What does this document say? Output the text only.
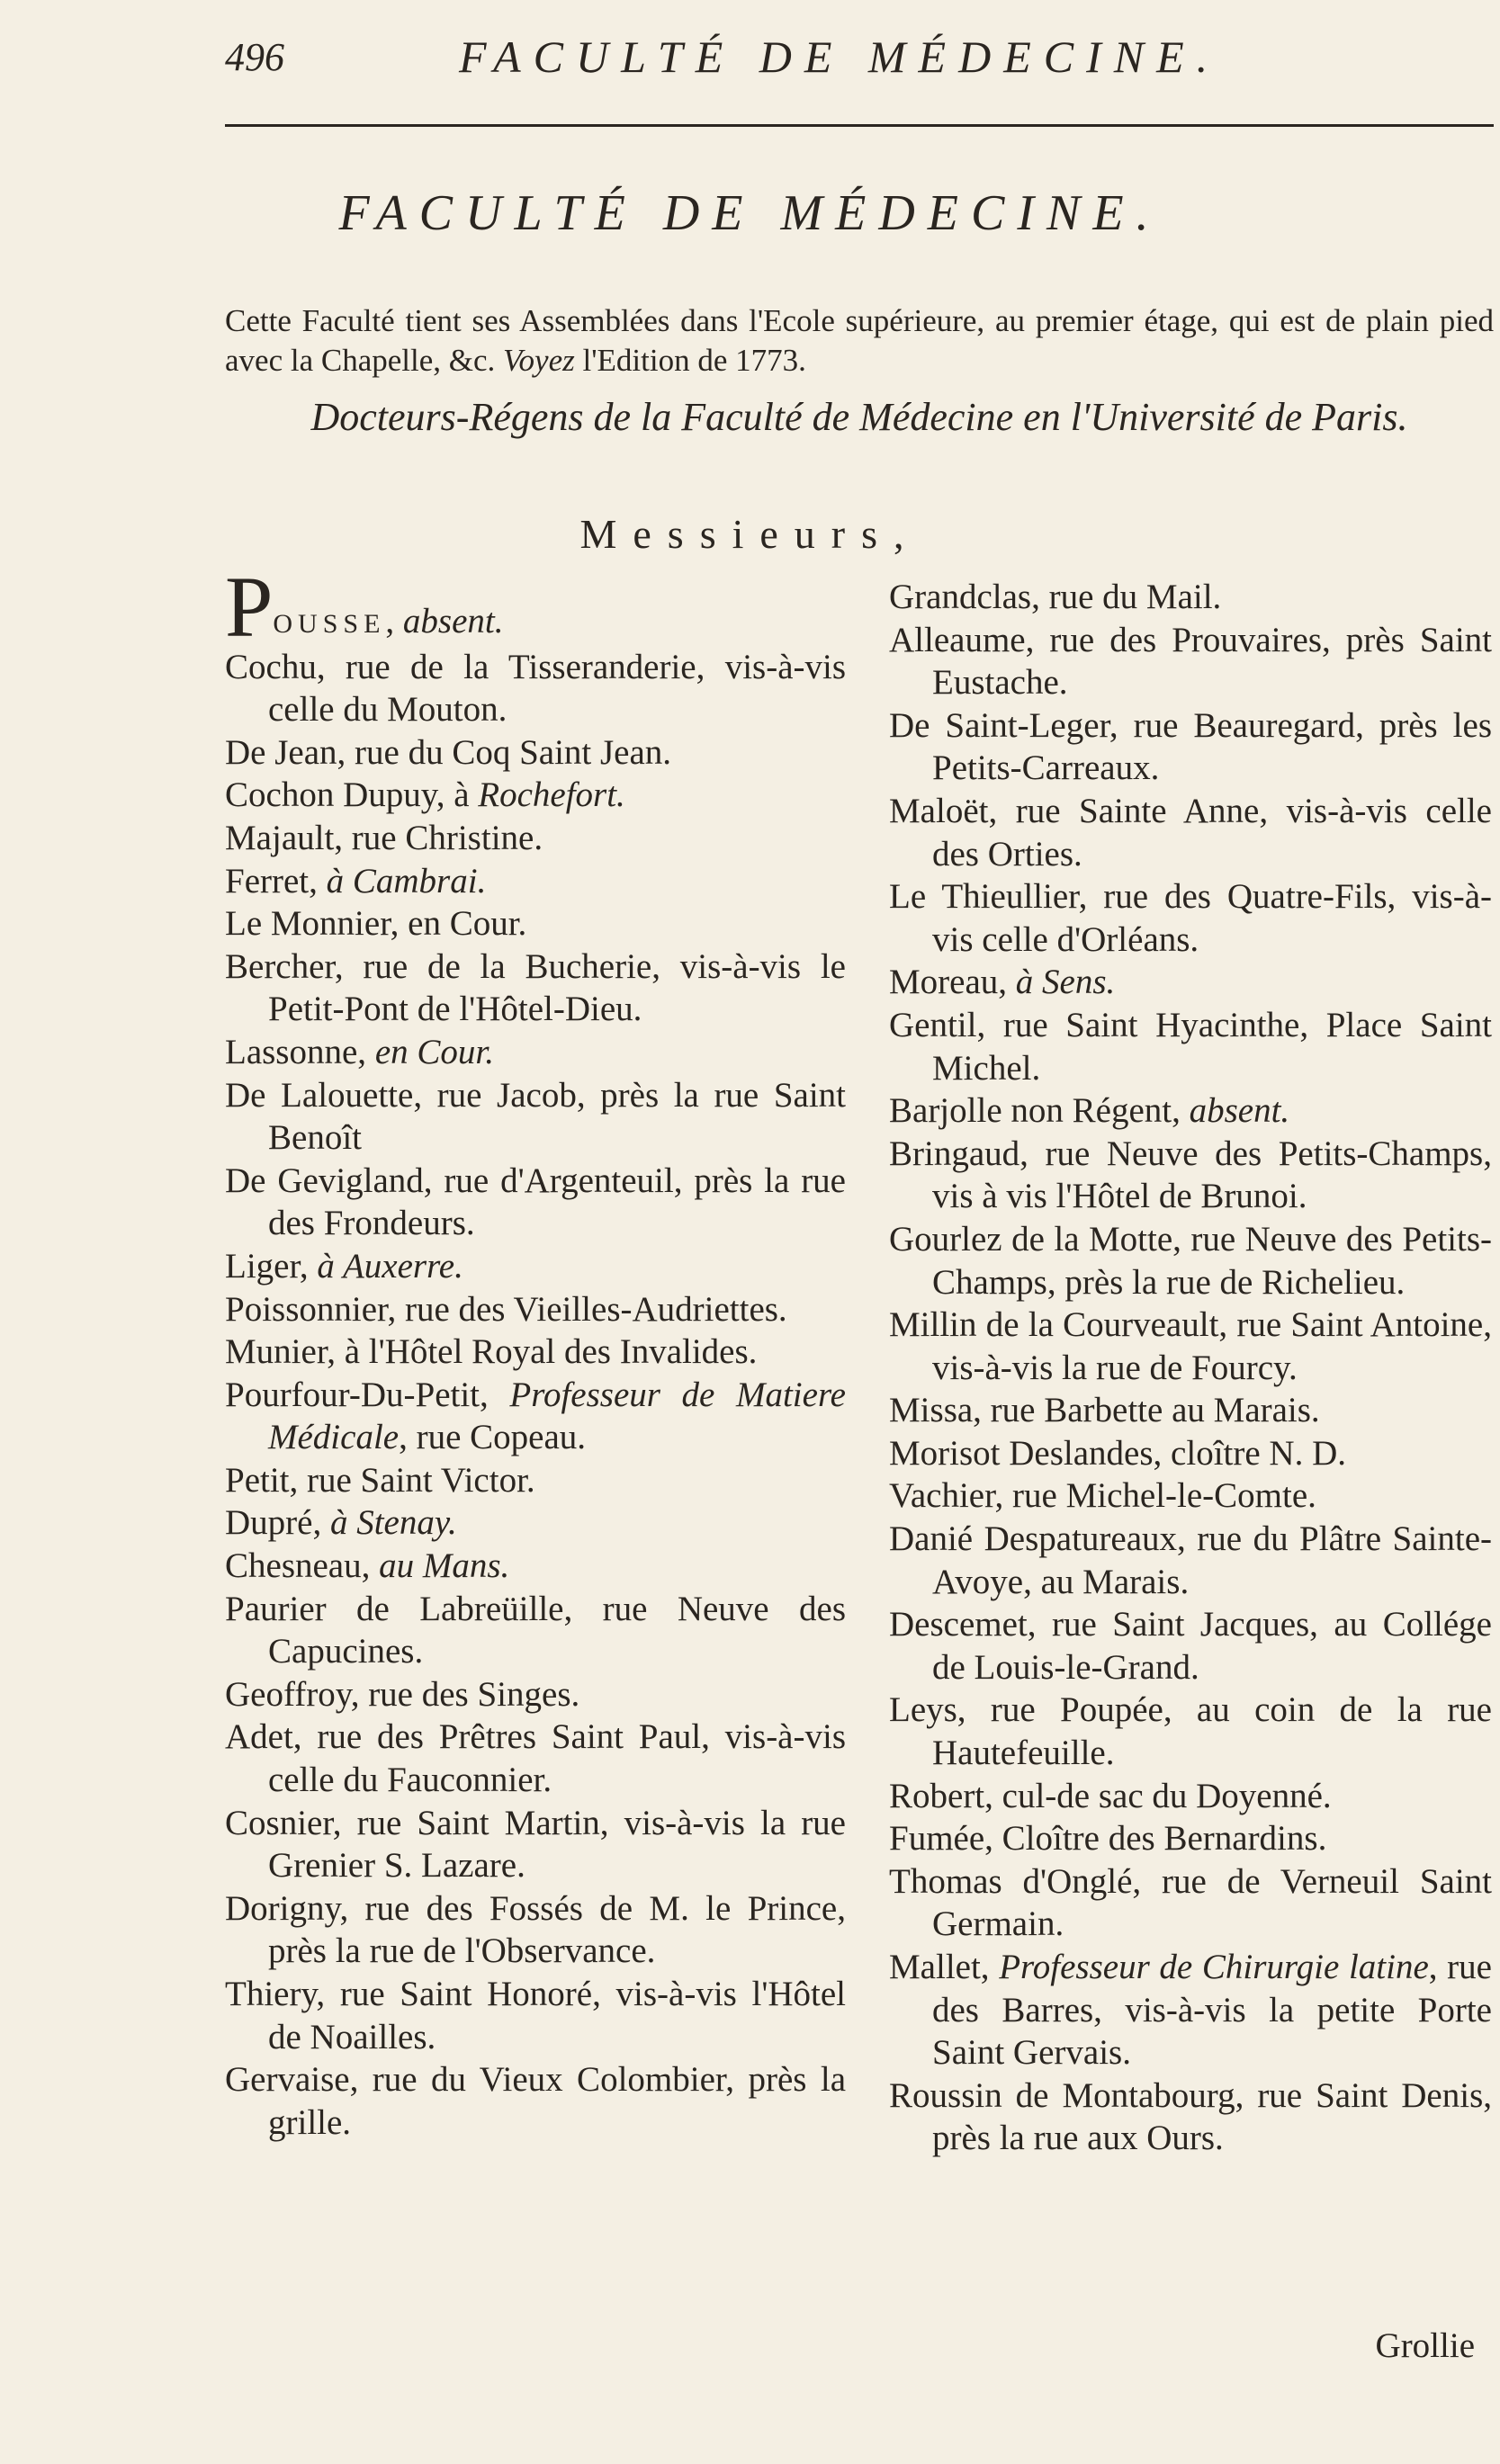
496	FACULTÉ DE MÉDECINE.
FACULTÉ DE MÉDECINE.

Cette Faculté tient ses Assemblées dans l'Ecole supérieure, au premier étage, qui est de plain pied avec la Chapelle, &c. Voyez l'Edition de 1773.

Docteurs-Régens de la Faculté de Médecine en l'Université de Paris.
Messieurs,

POUSSE, absent.

Cochu, rue de la Tisseranderie, vis-à-vis celle du Mouton.

De Jean, rue du Coq Saint Jean.

Cochon Dupuy, à Rochefort.

Majault, rue Christine.

Ferret, à Cambrai.

Le Monnier, en Cour.

Bercher, rue de la Bucherie, vis-à-vis le Petit-Pont de l'Hôtel-Dieu.

Lassonne, en Cour.

De Lalouette, rue Jacob, près la rue Saint Benoît

De Gevigland, rue d'Argenteuil, près la rue des Frondeurs.

Liger, à Auxerre.

Poissonnier, rue des Vieilles-Audriettes.

Munier, à l'Hôtel Royal des Invalides.

Pourfour-Du-Petit, Professeur de Matiere Médicale, rue Copeau.

Petit, rue Saint Victor.

Dupré, à Stenay.

Chesneau, au Mans.

Paurier de Labreüille, rue Neuve des Capucines.

Geoffroy, rue des Singes.

Adet, rue des Prêtres Saint Paul, vis-à-vis celle du Fauconnier.

Cosnier, rue Saint Martin, vis-à-vis la rue Grenier S. Lazare.

Dorigny, rue des Fossés de M. le Prince, près la rue de l'Observance.

Thiery, rue Saint Honoré, vis-à-vis l'Hôtel de Noailles.

Gervaise, rue du Vieux Colombier, près la grille.

Grandclas, rue du Mail.

Alleaume, rue des Prouvaires, près Saint Eustache.

De Saint-Leger, rue Beauregard, près les Petits-Carreaux.

Maloët, rue Sainte Anne, vis-à-vis celle des Orties.

Le Thieullier, rue des Quatre-Fils, vis-à-vis celle d'Orléans.

Moreau, à Sens.

Gentil, rue Saint Hyacinthe, Place Saint Michel.

Barjolle non Régent, absent.

Bringaud, rue Neuve des Petits-Champs, vis à vis l'Hôtel de Brunoi.

Gourlez de la Motte, rue Neuve des Petits-Champs, près la rue de Richelieu.

Millin de la Courveault, rue Saint Antoine, vis-à-vis la rue de Fourcy.

Missa, rue Barbette au Marais.

Morisot Deslandes, cloître N. D.

Vachier, rue Michel-le-Comte.

Danié Despatureaux, rue du Plâtre Sainte-Avoye, au Marais.

Descemet, rue Saint Jacques, au Collége de Louis-le-Grand.

Leys, rue Poupée, au coin de la rue Hautefeuille.

Robert, cul-de sac du Doyenné.

Fumée, Cloître des Bernardins.

Thomas d'Onglé, rue de Verneuil Saint Germain.

Mallet, Professeur de Chirurgie latine, rue des Barres, vis-à-vis la petite Porte Saint Gervais.

Roussin de Montabourg, rue Saint Denis, près la rue aux Ours.

Grollie
